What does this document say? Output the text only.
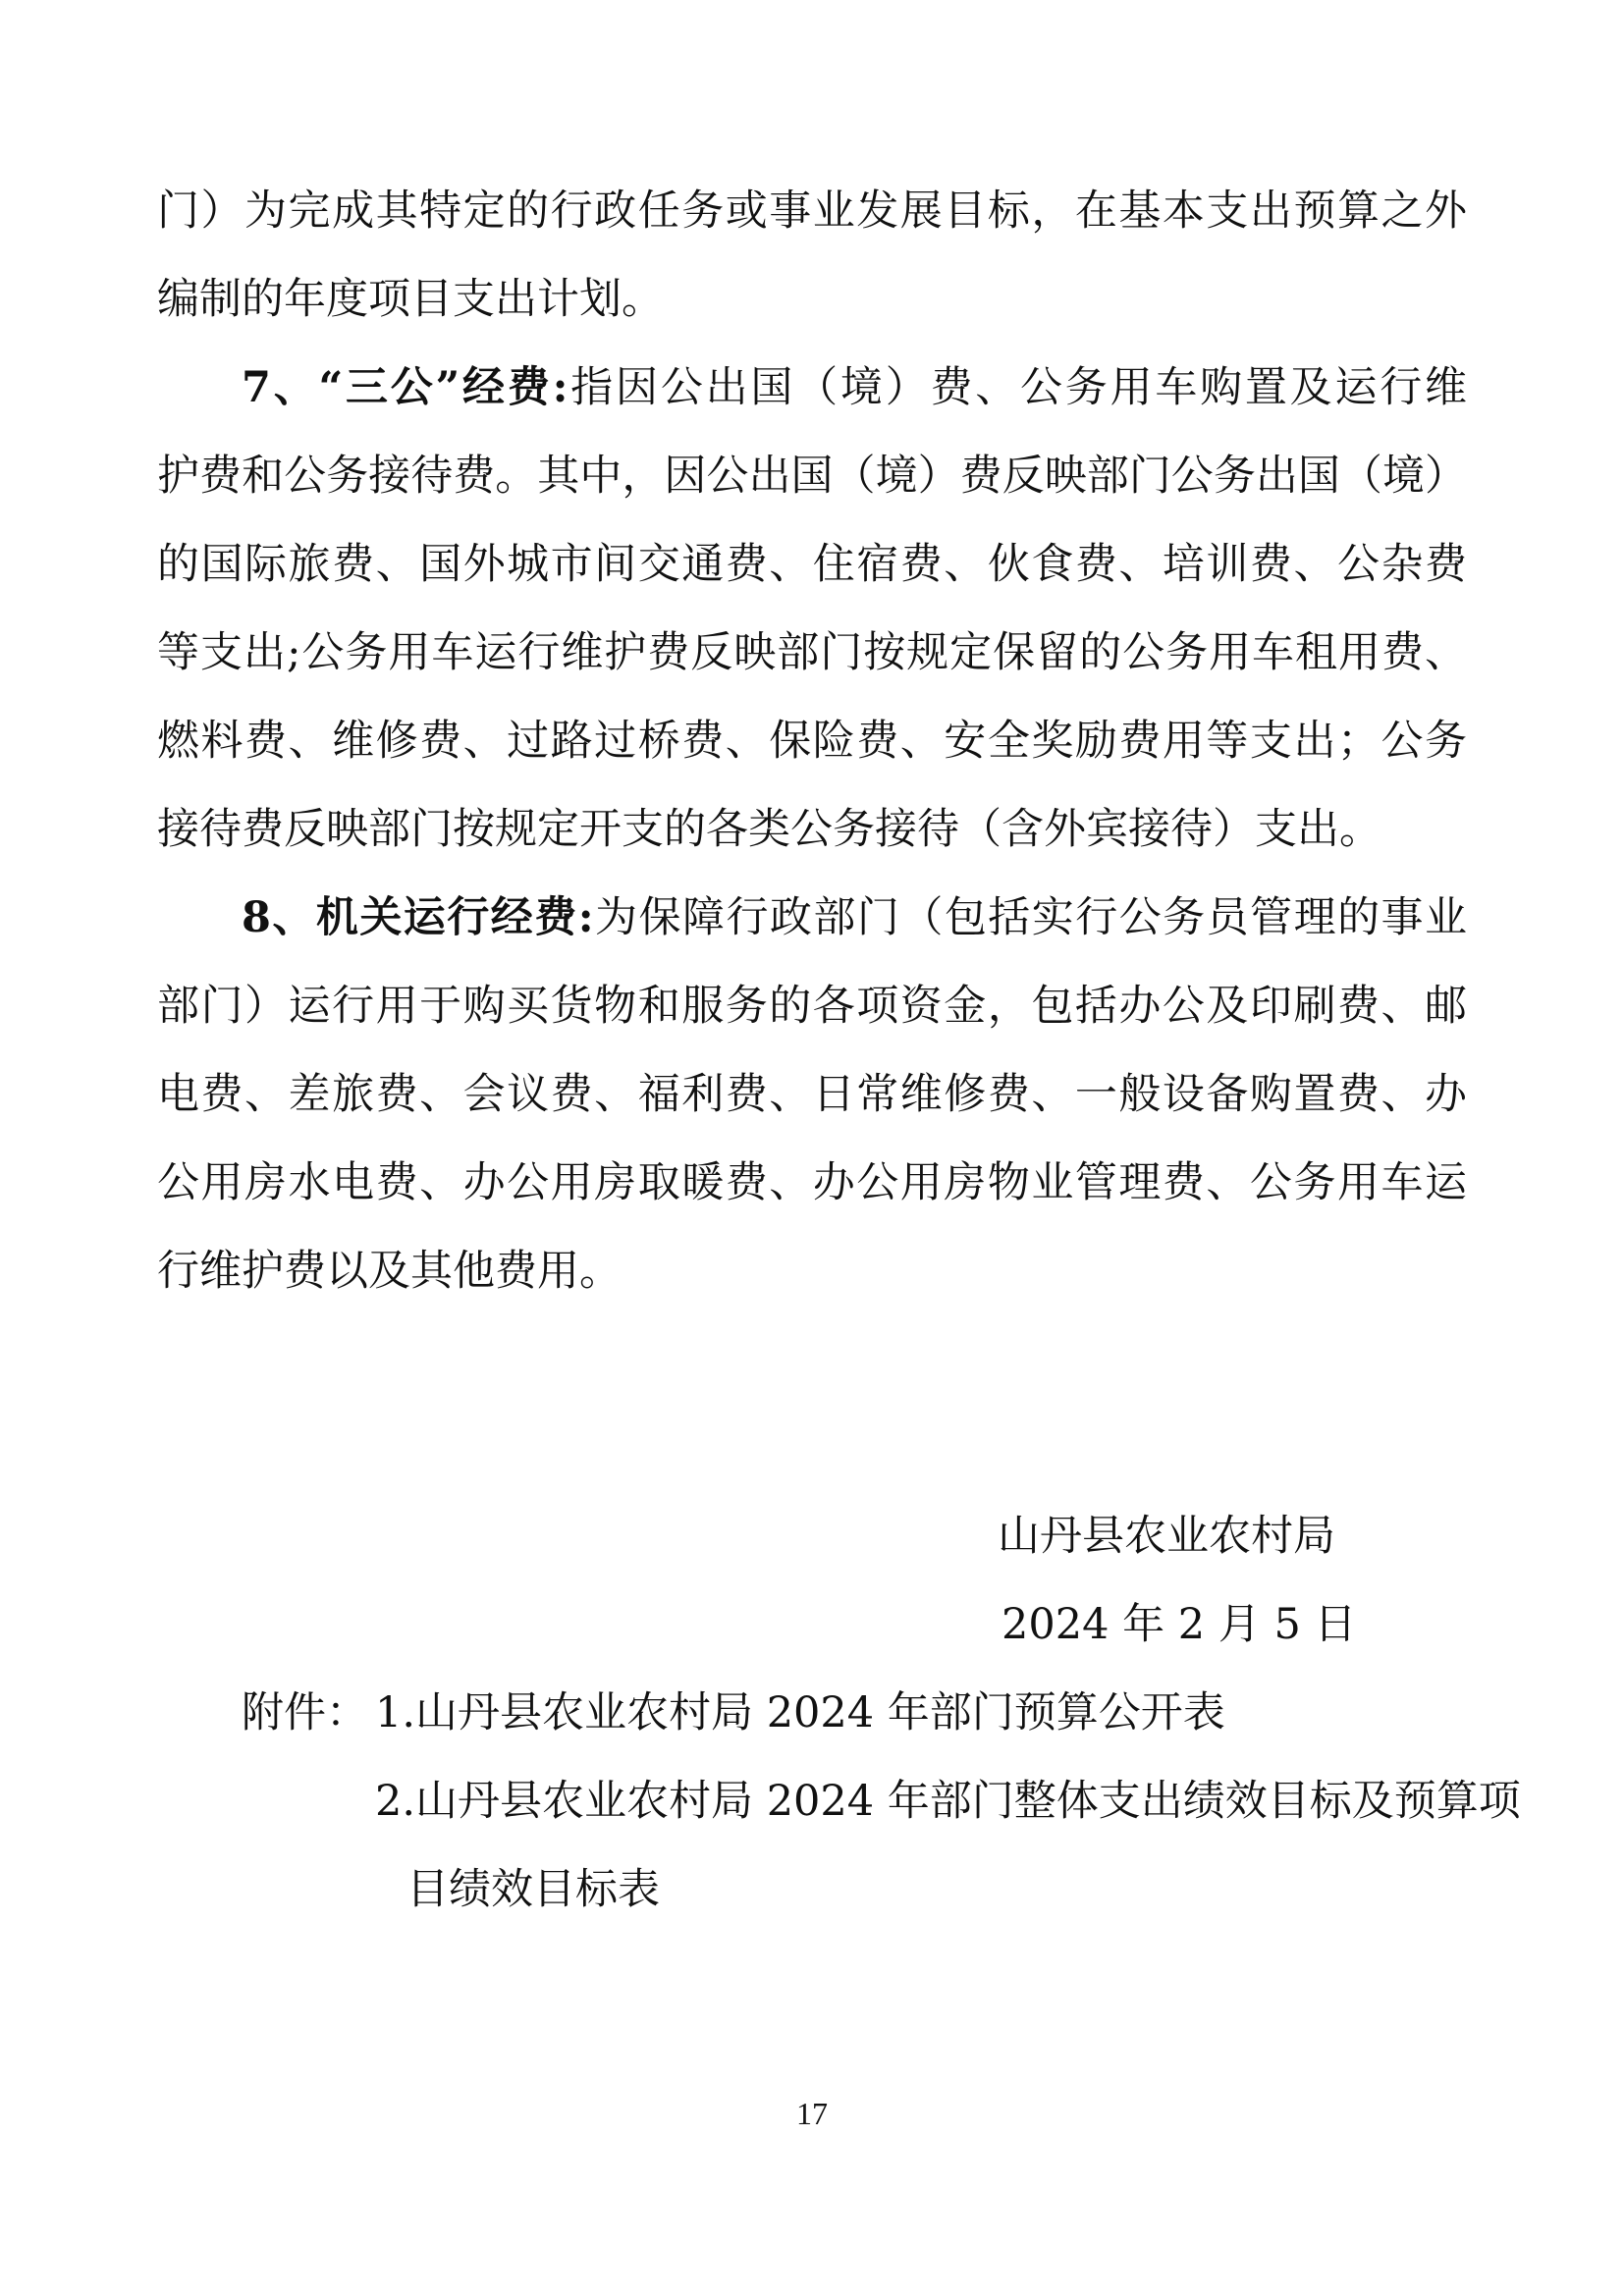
门）为完成其特定的行政任务或事业发展目标，在基本支出预算之外
编制的年度项目支出计划。
7、“三公”经费:指因公出国（境）费、公务用车购置及运行维
护费和公务接待费。其中，因公出国（境）费反映部门公务出国（境）
的国际旅费、国外城市间交通费、住宿费、伙食费、培训费、公杂费
等支出;公务用车运行维护费反映部门按规定保留的公务用车租用费、
燃料费、维修费、过路过桥费、保险费、安全奖励费用等支出；公务
接待费反映部门按规定开支的各类公务接待（含外宾接待）支出。
8、机关运行经费:为保障行政部门（包括实行公务员管理的事业
部门）运行用于购买货物和服务的各项资金，包括办公及印刷费、邮
电费、差旅费、会议费、福利费、日常维修费、一般设备购置费、办
公用房水电费、办公用房取暖费、办公用房物业管理费、公务用车运
行维护费以及其他费用。
山丹县农业农村局
2024 年 2 月 5 日
附件： 1.山丹县农业农村局 2024 年部门预算公开表
2.山丹县农业农村局 2024 年部门整体支出绩效目标及预算项
目绩效目标表
17
